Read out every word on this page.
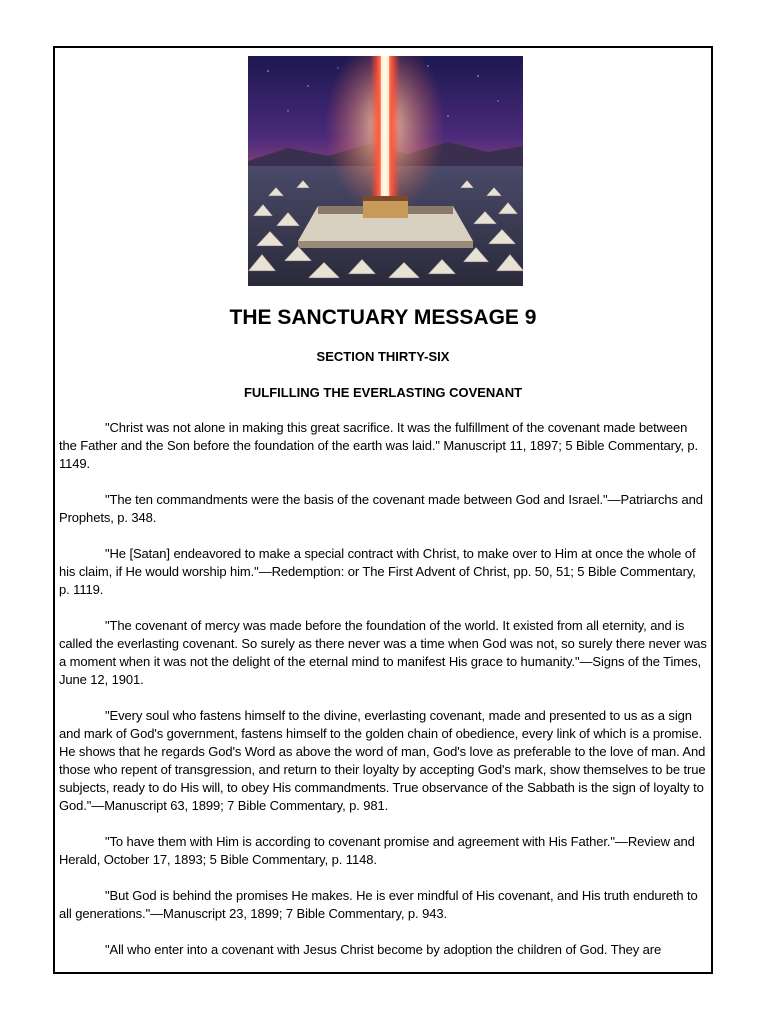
THE SANCTUARY MESSAGE 9
SECTION THIRTY-SIX
FULFILLING THE EVERLASTING COVENANT

"Christ was not alone in making this great sacrifice. It was the fulfillment of the covenant made between the Father and the Son before the foundation of the earth was laid." Manuscript 11, 1897; 5 Bible Commentary, p. 1149.

"The ten commandments were the basis of the covenant made between God and Israel."—Patriarchs and Prophets, p. 348.

"He [Satan] endeavored to make a special contract with Christ, to make over to Him at once the whole of his claim, if He would worship him."—Redemption: or The First Advent of Christ, pp. 50, 51; 5 Bible Commentary, p. 1119.

"The covenant of mercy was made before the foundation of the world. It existed from all eternity, and is called the everlasting covenant. So surely as there never was a time when God was not, so surely there never was a moment when it was not the delight of the eternal mind to manifest His grace to humanity."—Signs of the Times, June 12, 1901.

"Every soul who fastens himself to the divine, everlasting covenant, made and presented to us as a sign and mark of God's government, fastens himself to the golden chain of obedience, every link of which is a promise. He shows that he regards God's Word as above the word of man, God's love as preferable to the love of man. And those who repent of transgression, and return to their loyalty by accepting God's mark, show themselves to be true subjects, ready to do His will, to obey His commandments. True observance of the Sabbath is the sign of loyalty to God."—Manuscript 63, 1899; 7 Bible Commentary, p. 981.

"To have them with Him is according to covenant promise and agreement with His Father."—Review and Herald, October 17, 1893; 5 Bible Commentary, p. 1148.

"But God is behind the promises He makes. He is ever mindful of His covenant, and His truth endureth to all generations."—Manuscript 23, 1899; 7 Bible Commentary, p. 943.

"All who enter into a covenant with Jesus Christ become by adoption the children of God. They are
